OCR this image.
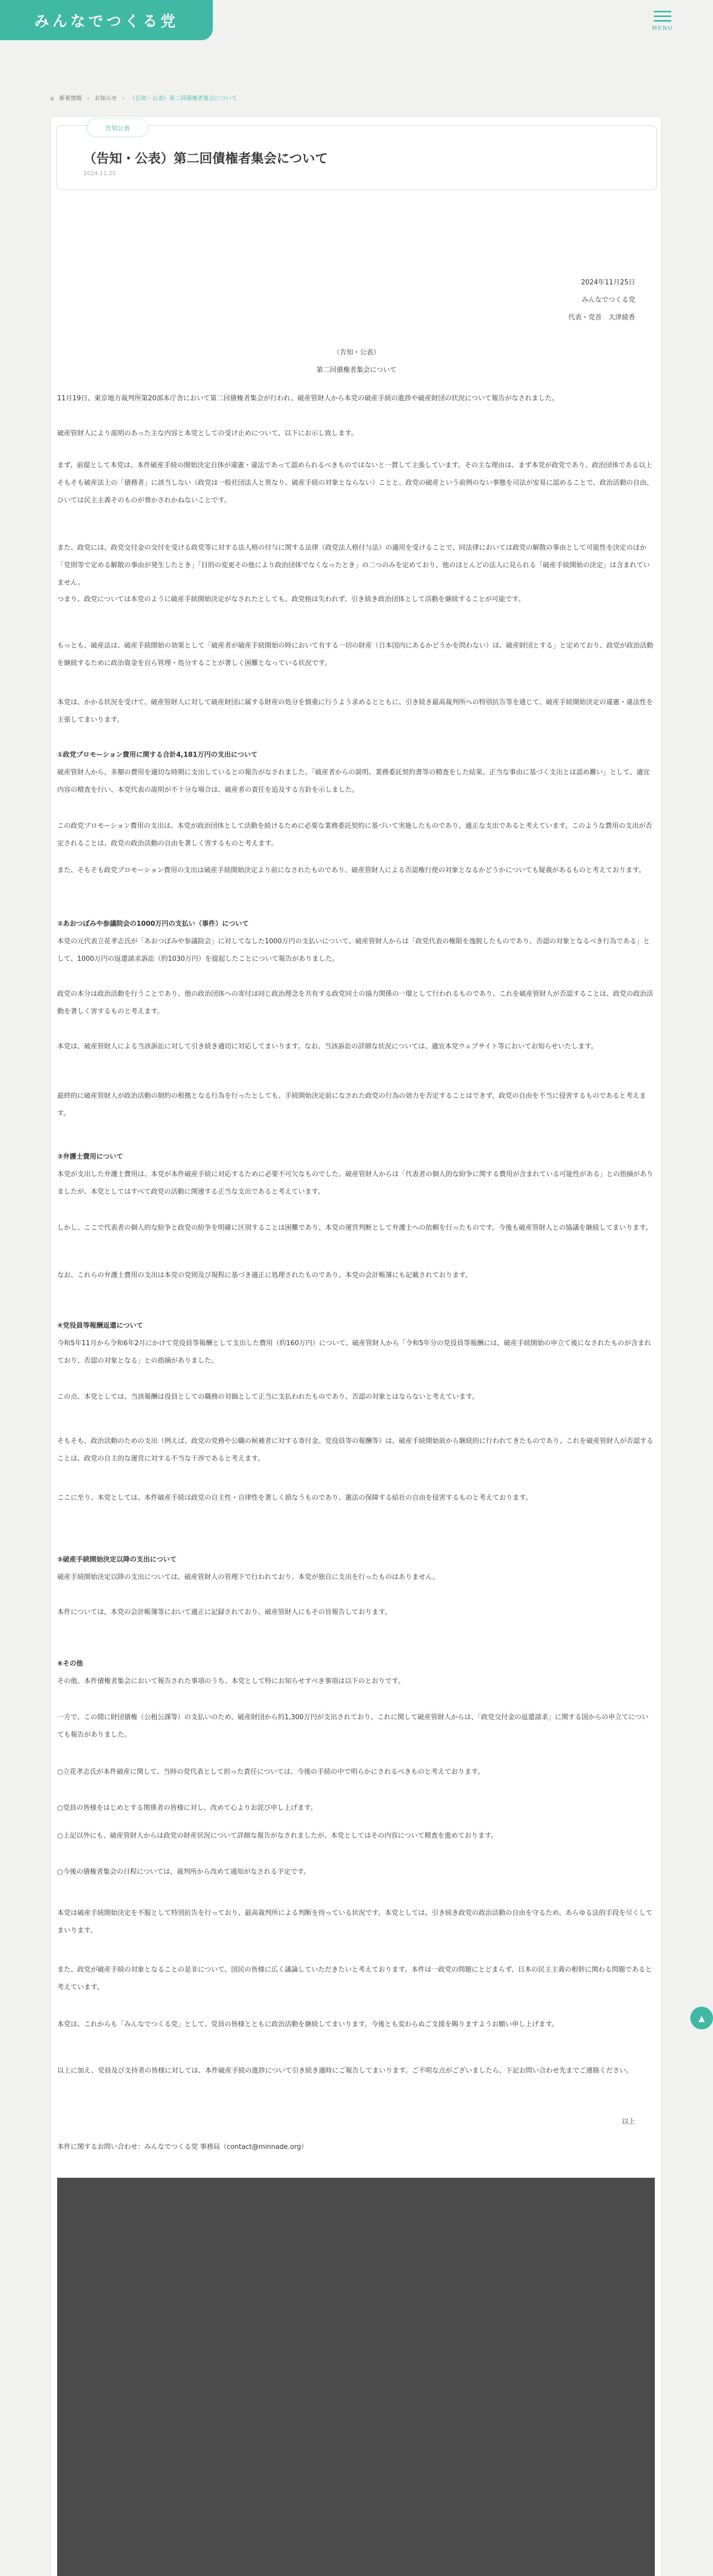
みんなでつくる党	MENU
⌂ 新着情報 › お知らせ › （告知・公表）第二回債権者集会について
告知公表
（告知・公表）第二回債権者集会について
2024.11.25
2024年11月25日
みんなでつくる党
代表・党首　大津綾香
（告知・公表）
第二回債権者集会について

11月19日、東京地方裁判所第20部本庁舎において第二回債権者集会が行われ、破産管財人から本党の破産手続の進捗や破産財団の状況について報告がなされました。

破産管財人により説明のあった主な内容と本党としての受け止めについて、以下にお示し致します。

まず、前提として本党は、本件破産手続の開始決定自体が違憲・違法であって認められるべきものではないと一貫して主張しています。その主な理由は、まず本党が政党であり、政治団体である以上そもそも破産法上の「債務者」に該当しない（政党は一般社団法人と異なり、破産手続の対象とならない）ことと、政党の破産という前例のない事態を司法が安易に認めることで、政治活動の自由、ひいては民主主義そのものが脅かされかねないことです。

また、政党には、政党交付金の交付を受ける政党等に対する法人格の付与に関する法律（政党法人格付与法）の適用を受けることで、同法律においては政党の解散の事由として可能性を決定のほか「党則等で定める解散の事由が発生したとき」「目的の変更その他により政治団体でなくなったとき」の二つのみを定めており、他のほとんどの法人に見られる「破産手続開始の決定」は含まれていません。

つまり、政党については本党のように破産手続開始決定がなされたとしても、政党格は失われず、引き続き政治団体として活動を継続することが可能です。

もっとも、破産法は、破産手続開始の効果として「破産者が破産手続開始の時において有する一切の財産（日本国内にあるかどうかを問わない）は、破産財団とする」と定めており、政党が政治活動を継続するために政治資金を自ら管理・処分することが著しく困難となっている状況です。

本党は、かかる状況を受けて、破産管財人に対して破産財団に属する財産の処分を慎重に行うよう求めるとともに、引き続き最高裁判所への特別抗告等を通じて、破産手続開始決定の違憲・違法性を主張してまいります。

①政党プロモーション費用に関する合計4,181万円の支出について

破産管財人から、多額の費用を適切な時期に支出しているとの報告がなされました。「破産者からの説明、業務委託契約書等の精査をした結果、正当な事由に基づく支出とは認め難い」として、適宜内容の精査を行い、本党代表の説明が不十分な場合は、破産者の責任を追及する方針を示しました。

この政党プロモーション費用の支出は、本党が政治団体として活動を続けるために必要な業務委託契約に基づいて実施したものであり、適正な支出であると考えています。このような費用の支出が否定されることは、政党の政治活動の自由を著しく害するものと考えます。

また、そもそも政党プロモーション費用の支出は破産手続開始決定より前になされたものであり、破産管財人による否認権行使の対象となるかどうかについても疑義があるものと考えております。

②あおつぼみや参議院会の1000万円の支払い（事件）について

本党の元代表立花孝志氏が「あおつぼみや参議院会」に対してなした1000万円の支払いについて、破産管財人からは「政党代表の権限を逸脱したものであり、否認の対象となるべき行為である」として、1000万円の返還請求訴訟（約1030万円）を提起したことについて報告がありました。

政党の本分は政治活動を行うことであり、他の政治団体への寄付は同じ政治理念を共有する政党同士の協力関係の一環として行われるものであり、これを破産管財人が否認することは、政党の政治活動を著しく害するものと考えます。

本党は、破産管財人による当該訴訟に対して引き続き適切に対応してまいります。なお、当該訴訟の詳細な状況については、適宜本党ウェブサイト等においてお知らせいたします。

最終的に破産管財人が政治活動の制約の根拠となる行為を行ったとしても、手続開始決定前になされた政党の行為の効力を否定することはできず、政党の自由を不当に侵害するものであると考えます。

③弁護士費用について

本党が支出した弁護士費用は、本党が本件破産手続に対応するために必要不可欠なものでした。破産管財人からは「代表者の個人的な紛争に関する費用が含まれている可能性がある」との指摘がありましたが、本党としてはすべて政党の活動に関連する正当な支出であると考えています。

しかし、ここで代表者の個人的な紛争と政党の紛争を明確に区別することは困難であり、本党の運営判断として弁護士への依頼を行ったものです。今後も破産管財人との協議を継続してまいります。

なお、これらの弁護士費用の支出は本党の党則及び規程に基づき適正に処理されたものであり、本党の会計帳簿にも記載されております。

④党役員等報酬返還について

今和5年11月から令和6年2月にかけて党役員等報酬として支出した費用（約160万円）について、破産管財人から「令和5年分の党役員等報酬には、破産手続開始の申立て後になされたものが含まれており、否認の対象となる」との指摘がありました。

この点、本党としては、当該報酬は役員としての職務の対価として正当に支払われたものであり、否認の対象とはならないと考えています。

そもそも、政治活動のための支出（例えば、政党の党務や公職の候補者に対する寄付金、党役員等の報酬等）は、破産手続開始前から継続的に行われてきたものであり、これを破産管財人が否認することは、政党の自主的な運営に対する不当な干渉であると考えます。

ここに至り、本党としては、本件破産手続は政党の自主性・自律性を著しく損なうものであり、憲法の保障する結社の自由を侵害するものと考えております。

⑤破産手続開始決定以降の支出について

破産手続開始決定以降の支出については、破産管財人の管理下で行われており、本党が独自に支出を行ったものはありません。

本件については、本党の会計帳簿等において適正に記録されており、破産管財人にもその旨報告しております。

⑥その他

その他、本件債権者集会において報告された事項のうち、本党として特にお知らせすべき事項は以下のとおりです。

一方で、この間に財団債権（公租公課等）の支払いのため、破産財団から約1,300万円が支出されており、これに関して破産管財人からは、「政党交付金の返還請求」に関する国からの申立てについても報告がありました。

○立花孝志氏が本件破産に関して、当時の党代表として担った責任については、今後の手続の中で明らかにされるべきものと考えております。

○党員の皆様をはじめとする関係者の皆様に対し、改めて心よりお詫び申し上げます。

○上記以外にも、破産管財人からは政党の財産状況について詳細な報告がなされましたが、本党としてはその内容について精査を進めております。

○今後の債権者集会の日程については、裁判所から改めて通知がなされる予定です。

本党は破産手続開始決定を不服として特別抗告を行っており、最高裁判所による判断を待っている状況です。本党としては、引き続き政党の政治活動の自由を守るため、あらゆる法的手段を尽くしてまいります。

また、政党が破産手続の対象となることの是非について、国民の皆様に広く議論していただきたいと考えております。本件は一政党の問題にとどまらず、日本の民主主義の根幹に関わる問題であると考えています。

本党は、これからも「みんなでつくる党」として、党員の皆様とともに政治活動を継続してまいります。今後とも変わらぬご支援を賜りますようお願い申し上げます。

以上に加え、党員及び支持者の皆様に対しては、本件破産手続の進捗について引き続き適時にご報告してまいります。ご不明な点がございましたら、下記お問い合わせ先までご連絡ください。

以上

本件に関するお問い合わせ：みんなでつくる党 事務局（contact@minnade.org）

▲
